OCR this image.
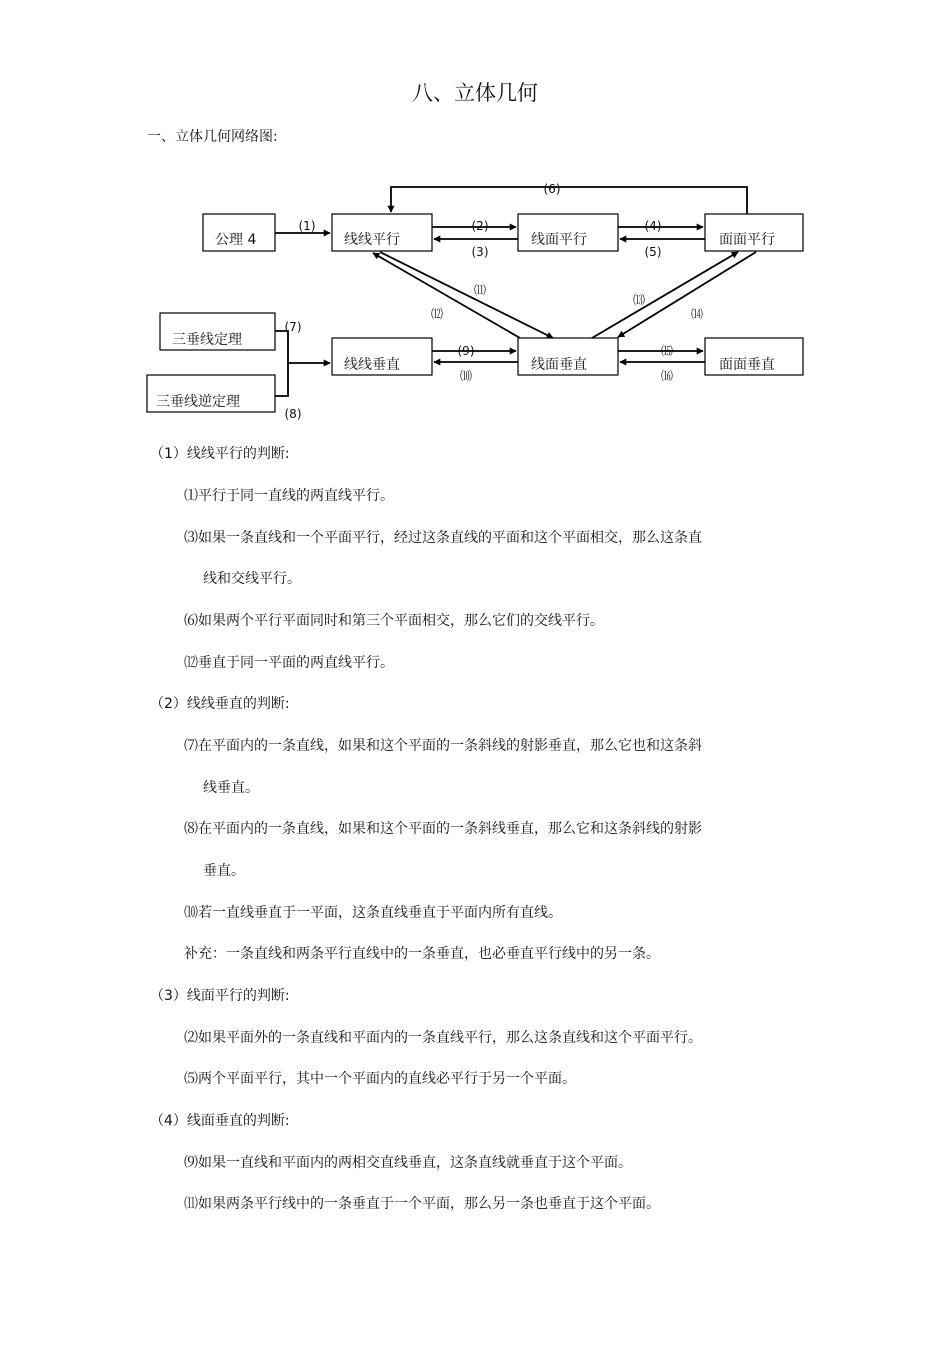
八、立体几何
一、立体几何网络图:
公理 4	线线平行	线面平行	面面平行
三垂线定理
三垂线逆定理
线线垂直	线面垂直	面面垂直
(1)	(2)
(3)
(4)
(5)
(6)
(7)
(8)
(9)
⑽
⑾
⑿
⒀
⒁
⒂
⒃
（1）线线平行的判断:
⑴平行于同一直线的两直线平行。
⑶如果一条直线和一个平面平行，经过这条直线的平面和这个平面相交，那么这条直
线和交线平行。
⑹如果两个平行平面同时和第三个平面相交，那么它们的交线平行。
⑿垂直于同一平面的两直线平行。
（2）线线垂直的判断:
⑺在平面内的一条直线，如果和这个平面的一条斜线的射影垂直，那么它也和这条斜
线垂直。
⑻在平面内的一条直线，如果和这个平面的一条斜线垂直，那么它和这条斜线的射影
垂直。
⑽若一直线垂直于一平面，这条直线垂直于平面内所有直线。
补充：一条直线和两条平行直线中的一条垂直，也必垂直平行线中的另一条。
（3）线面平行的判断:
⑵如果平面外的一条直线和平面内的一条直线平行，那么这条直线和这个平面平行。
⑸两个平面平行，其中一个平面内的直线必平行于另一个平面。
（4）线面垂直的判断:
⑼如果一直线和平面内的两相交直线垂直，这条直线就垂直于这个平面。
⑾如果两条平行线中的一条垂直于一个平面，那么另一条也垂直于这个平面。
